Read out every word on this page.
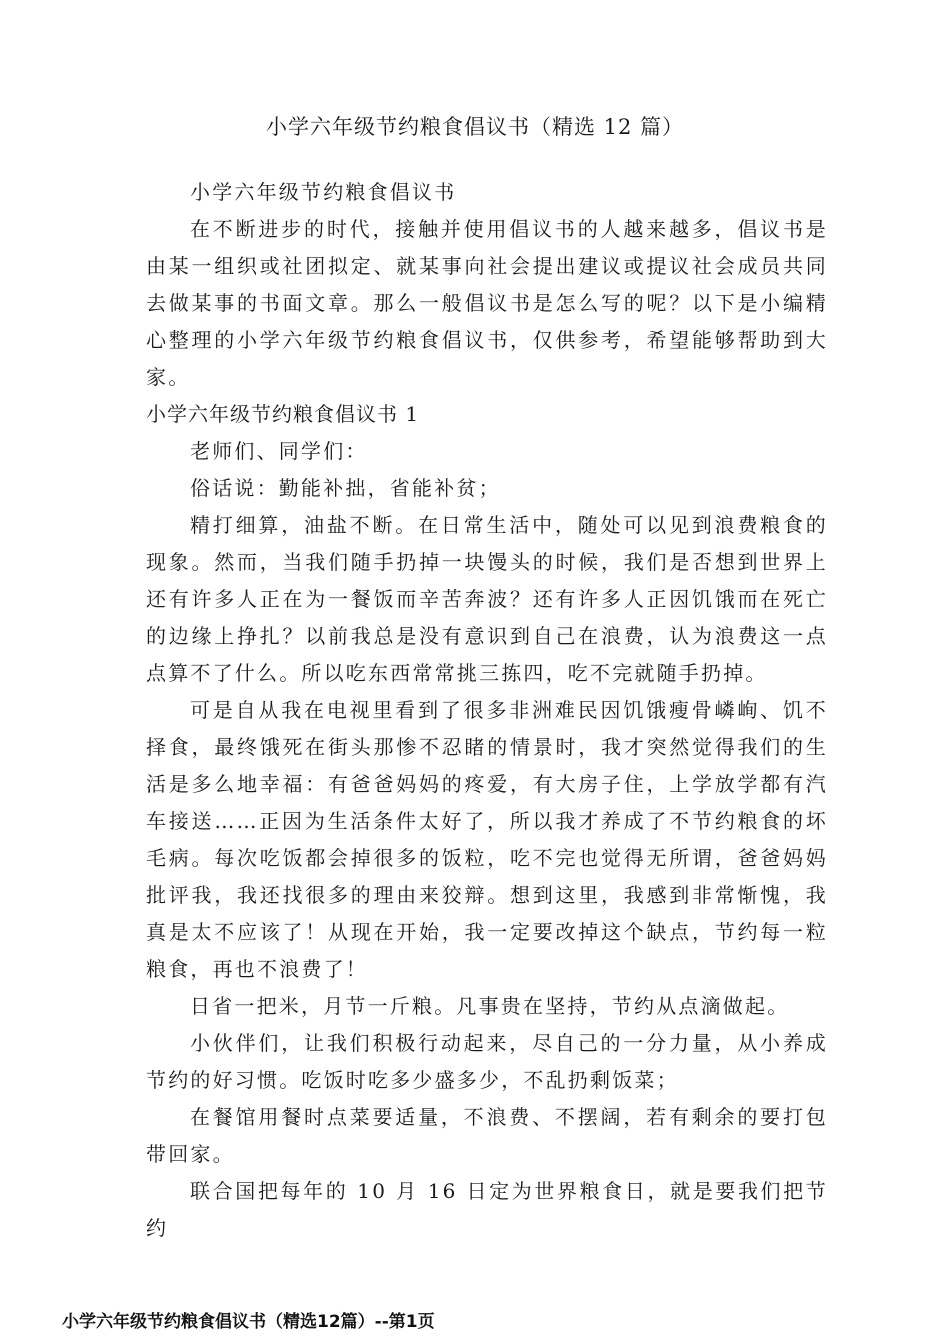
小学六年级节约粮食倡议书（精选 12 篇）

小学六年级节约粮食倡议书

在不断进步的时代，接触并使用倡议书的人越来越多，倡议书是由某一组织或社团拟定、就某事向社会提出建议或提议社会成员共同去做某事的书面文章。那么一般倡议书是怎么写的呢？以下是小编精心整理的小学六年级节约粮食倡议书，仅供参考，希望能够帮助到大家。

小学六年级节约粮食倡议书 1

老师们、同学们：

俗话说：勤能补拙，省能补贫；

精打细算，油盐不断。在日常生活中，随处可以见到浪费粮食的现象。然而，当我们随手扔掉一块馒头的时候，我们是否想到世界上还有许多人正在为一餐饭而辛苦奔波？还有许多人正因饥饿而在死亡的边缘上挣扎？以前我总是没有意识到自己在浪费，认为浪费这一点点算不了什么。所以吃东西常常挑三拣四，吃不完就随手扔掉。

可是自从我在电视里看到了很多非洲难民因饥饿瘦骨嶙峋、饥不择食，最终饿死在街头那惨不忍睹的情景时，我才突然觉得我们的生活是多么地幸福：有爸爸妈妈的疼爱，有大房子住，上学放学都有汽车接送……正因为生活条件太好了，所以我才养成了不节约粮食的坏毛病。每次吃饭都会掉很多的饭粒，吃不完也觉得无所谓，爸爸妈妈批评我，我还找很多的理由来狡辩。想到这里，我感到非常惭愧，我真是太不应该了！从现在开始，我一定要改掉这个缺点，节约每一粒粮食，再也不浪费了！

日省一把米，月节一斤粮。凡事贵在坚持，节约从点滴做起。

小伙伴们，让我们积极行动起来，尽自己的一分力量，从小养成节约的好习惯。吃饭时吃多少盛多少，不乱扔剩饭菜；

在餐馆用餐时点菜要适量，不浪费、不摆阔，若有剩余的要打包带回家。

联合国把每年的 10 月 16 日定为世界粮食日，就是要我们把节约

小学六年级节约粮食倡议书（精选12篇）--第1页
